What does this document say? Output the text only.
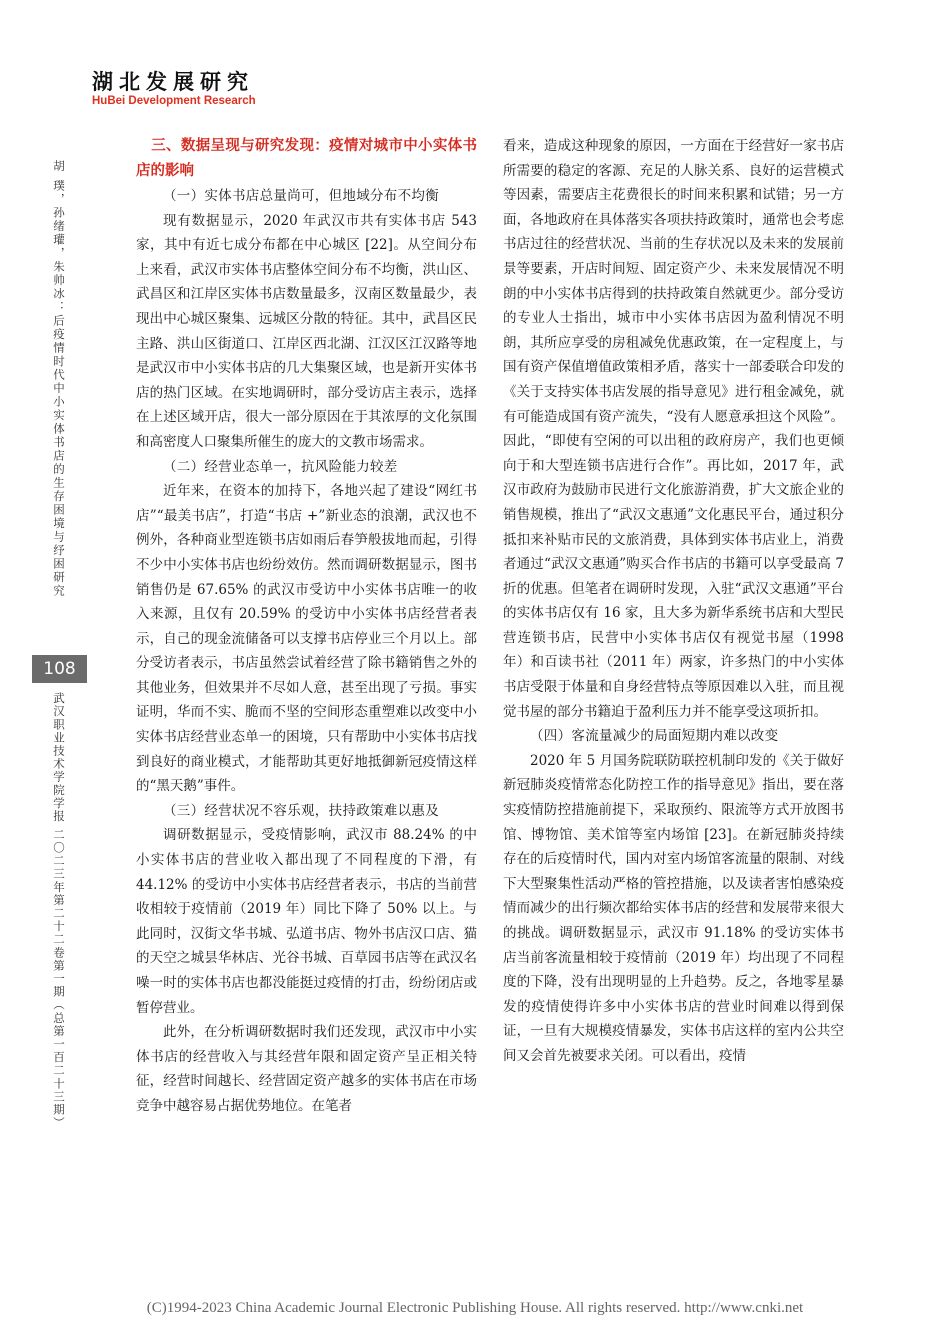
湖北发展研究
HuBei Development Research
胡 璞，孙绪瓘，朱帅冰：后疫情时代中小实体书店的生存困境与纾困研究
108
武汉职业技术学院学报 二〇二三年第二十二卷第一期（总第一百二十三期）

三、数据呈现与研究发现：疫情对城市中小实体书店的影响

（一）实体书店总量尚可，但地域分布不均衡

现有数据显示，2020 年武汉市共有实体书店 543 家，其中有近七成分布都在中心城区 [22]。从空间分布上来看，武汉市实体书店整体空间分布不均衡，洪山区、武昌区和江岸区实体书店数量最多，汉南区数量最少，表现出中心城区聚集、远城区分散的特征。其中，武昌区民主路、洪山区街道口、江岸区西北湖、江汉区江汉路等地是武汉市中小实体书店的几大集聚区域，也是新开实体书店的热门区域。在实地调研时，部分受访店主表示，选择在上述区域开店，很大一部分原因在于其浓厚的文化氛围和高密度人口聚集所催生的庞大的文教市场需求。

（二）经营业态单一，抗风险能力较差

近年来，在资本的加持下，各地兴起了建设“网红书店”“最美书店”，打造“书店 +”新业态的浪潮，武汉也不例外，各种商业型连锁书店如雨后春笋般拔地而起，引得不少中小实体书店也纷纷效仿。然而调研数据显示，图书销售仍是 67.65% 的武汉市受访中小实体书店唯一的收入来源，且仅有 20.59% 的受访中小实体书店经营者表示，自己的现金流储备可以支撑书店停业三个月以上。部分受访者表示，书店虽然尝试着经营了除书籍销售之外的其他业务，但效果并不尽如人意，甚至出现了亏损。事实证明，华而不实、脆而不坚的空间形态重塑难以改变中小实体书店经营业态单一的困境，只有帮助中小实体书店找到良好的商业模式，才能帮助其更好地抵御新冠疫情这样的“黑天鹅”事件。

（三）经营状况不容乐观，扶持政策难以惠及

调研数据显示，受疫情影响，武汉市 88.24% 的中小实体书店的营业收入都出现了不同程度的下滑，有 44.12% 的受访中小实体书店经营者表示，书店的当前营收相较于疫情前（2019 年）同比下降了 50% 以上。与此同时，汉街文华书城、弘道书店、物外书店汉口店、猫的天空之城昙华林店、光谷书城、百草园书店等在武汉名噪一时的实体书店也都没能挺过疫情的打击，纷纷闭店或暂停营业。

此外，在分析调研数据时我们还发现，武汉市中小实体书店的经营收入与其经营年限和固定资产呈正相关特征，经营时间越长、经营固定资产越多的实体书店在市场竞争中越容易占据优势地位。在笔者

看来，造成这种现象的原因，一方面在于经营好一家书店所需要的稳定的客源、充足的人脉关系、良好的运营模式等因素，需要店主花费很长的时间来积累和试错；另一方面，各地政府在具体落实各项扶持政策时，通常也会考虑书店过往的经营状况、当前的生存状况以及未来的发展前景等要素，开店时间短、固定资产少、未来发展情况不明朗的中小实体书店得到的扶持政策自然就更少。部分受访的专业人士指出，城市中小实体书店因为盈利情况不明朗，其所应享受的房租减免优惠政策，在一定程度上，与国有资产保值增值政策相矛盾，落实十一部委联合印发的《关于支持实体书店发展的指导意见》进行租金减免，就有可能造成国有资产流失，“没有人愿意承担这个风险”。因此，“即使有空闲的可以出租的政府房产，我们也更倾向于和大型连锁书店进行合作”。再比如，2017 年，武汉市政府为鼓励市民进行文化旅游消费，扩大文旅企业的销售规模，推出了“武汉文惠通”文化惠民平台，通过积分抵扣来补贴市民的文旅消费，具体到实体书店业上，消费者通过“武汉文惠通”购买合作书店的书籍可以享受最高 7 折的优惠。但笔者在调研时发现，入驻“武汉文惠通”平台的实体书店仅有 16 家，且大多为新华系统书店和大型民营连锁书店，民营中小实体书店仅有视觉书屋（1998 年）和百读书社（2011 年）两家，许多热门的中小实体书店受限于体量和自身经营特点等原因难以入驻，而且视觉书屋的部分书籍迫于盈利压力并不能享受这项折扣。

（四）客流量减少的局面短期内难以改变

2020 年 5 月国务院联防联控机制印发的《关于做好新冠肺炎疫情常态化防控工作的指导意见》指出，要在落实疫情防控措施前提下，采取预约、限流等方式开放图书馆、博物馆、美术馆等室内场馆 [23]。在新冠肺炎持续存在的后疫情时代，国内对室内场馆客流量的限制、对线下大型聚集性活动严格的管控措施，以及读者害怕感染疫情而减少的出行频次都给实体书店的经营和发展带来很大的挑战。调研数据显示，武汉市 91.18% 的受访实体书店当前客流量相较于疫情前（2019 年）均出现了不同程度的下降，没有出现明显的上升趋势。反之，各地零星暴发的疫情使得许多中小实体书店的营业时间难以得到保证，一旦有大规模疫情暴发，实体书店这样的室内公共空间又会首先被要求关闭。可以看出，疫情

(C)1994-2023 China Academic Journal Electronic Publishing House. All rights reserved. http://www.cnki.net
